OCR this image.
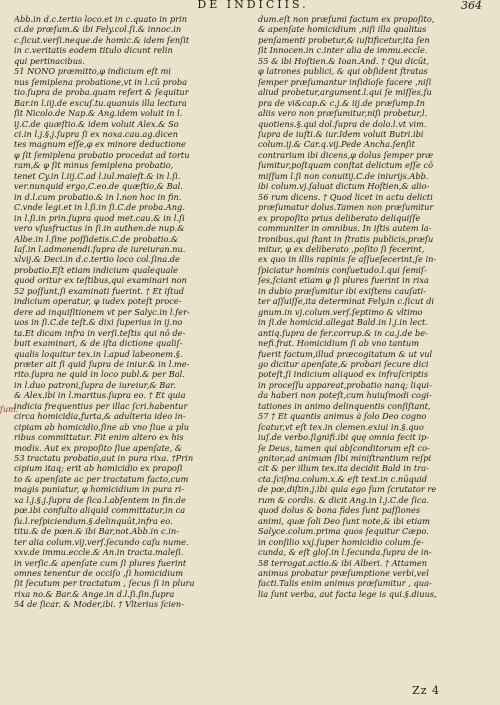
DE INDICIIS.	364
ſum.
Abb.in d.c.tertio loco.et in c.quato in prin
ci.de præſum.& ibi Fely.col.ſi.& innoc.in
c.ſicut.verſi.neque.de homic.& idem ſenſit
in c.veritatis eodem titulo dicunt relin
qui pertinacibus.
51 NONO præmitto,φ indicium eſt mi
nus ſemiplena probatione,vt in l.cū proba
tio.ſupra de proba.quam refert & ſequitur
Bar.in l.iij.de excuſ.tu.quanuis illa lectura
ſit Nicolo.de Nap.& Ang.idem voluit in l.
ij.C.de quæſtio.& idem voluit Alex.& So
ci.in l.j.§.j.ſupra ſi ex noxa.cau.ag.dicen
tes magnum eſſe,φ ex minore deductione
φ ſit ſemiplena probatio procedat ad tortu
ram,& φ ſit minus ſemiplena probatio,
tenet Cy.in l.iij.C.ad l.iul.maieſt.& in l.ſi.
ver.nunquid ergo,C.eo.de quæſtio,& Bal.
in d.l.cum probatio.& in l.non hoc in fin.
C.vnde legi.et in l.ſi.in ſi.C.de proba.Ang.
in l.ſi.in prin.ſupra quod met.cau.& in l.ſi
vero vſusfructus in ſi.in authen.de nup.&
Albe.in l.ſine poſſidetis.C.de probatio.&
Iaſ.in l.admonendi.ſupra de iureiuran.nu.
xlvij.& Deci.in d.c.tertio loco col.ſina.de
probatio.Eſt etiam indicium qualequale
quod oritur ex teſtibus,qui examinari non
52 poſſunt,ſi examinati fuerint. † Et iſtud
indicium operatur, φ iudex poteſt proce-
dere ad inquiſitionem vt per Salyc.in l.fer-
uos in ſi.C.de teſt.& dixi ſuperius in ij.no
ta.Et dicam infra in verſi.teſtis qui nō de-
buit examinari, & de iſta dictione qualiſ-
qualis loquitur tex.in l.apud labeonem.§.
præter ait ſi quid ſupra de iniur.& in l.me-
rito.ſupra ne quid in loco publ.& per Bal.
in l.duo patroni,ſupra de iureiur,& Bar.
& Alex.ibi in l.maritus.ſupra eo. † Et quia
indicia frequentius per illac ſcri.habentur
circa homicidia,furta,& adulteria ideo in-
cipiam ab homicidio,ſine ab vno ſiue a plu
ribus committatur. Fit enim altero ex his
modis. Aut ex propoſito ſiue apenſate, &
53 tractatu probatio,aut in pura rixa. †Prin
cipium itaq; erit ab homicidio ex propoſi
to & apenſate ac per tractatum facto,cum
magis puniatur, φ homicidium in pura ri-
xa l.j.§.j.ſupra de ſica.l.abſentem in fin.de
pœ.ibi confulto aliquid committatur,in ca
ſu.l.reſpiciendum.§.delinquūt,infra eo.
titu.& de pœn.& ibi Bar,not.Abb.in c.in-
ter alia colum.vij.verſ.ſecundo caſu nume.
xxv.de immu.eccle.& An.in tracta.maleſi.
in verſic.& apenſate cum ſi plures fuerint
omnes tenentur de occiſo ,ſi homicidium
ſit ſecutum per tractatum , ſecus ſi in plura
rixa no.& Bar.& Ange.in d.l.ſi.ſin.ſupra
54 de ſicar. & Moder,ibi. † Vlterius ſcien-
dum.eſt non præſumi factum ex propoſito,
& apenſate homicidium ,niſi illa qualitas
penſamenti probetur,& iuſtificetur,ita ſen
ſit Innocen.in c.inter alia de immu.eccle.
55 & ibi Hoſtien.& Ioan.And. † Qui dicūt,
φ latrones publici, & qui obſident ſtratas
ſemper præſumantur inſidioſe facere ,niſi
aliud probetur,argument.l.qui ſe miſſes,ſu
pra de vi&cap.& c.j.& iij.de præſump.In
aliis vero non præſumitur,niſi probetur,l.
quotiens.§.qui dol.ſupra de dolo.l.vt vim.
ſupra de iuſti.& iur.Idem voluit Butri.ibi
colum.ij.& Car.q.vij.Pede Ancha.ſenſit
contrarium ibi dicens,φ dolus ſemper præ
ſumitur,poſtquam conſtat delictum eſſe cō
miſſum l.ſi non conuitij.C.de iniurijs.Abb.
ibi colum.vj.ſaluat dictum Hoſtien,& alio-
56 rum dicens. † Quod licet in actu delicti
præſumatur dolus.Tamen non præſumitur
ex propoſito prius deliberato deliquiſſe
communiter in omnibus. In iſtis autem la-
tronibus,qui ſtant in ſtratis publicis,præſu
mitur, φ ex deliberato ,poſito ſi fecerint,
ex quo in illis rapinis ſe aſſueſecerint,ſe in-
ſpiciatur hominis conſuetudo.l.qui ſemiſ-
ſes,ſciant etiam φ ſi plures fuerint in rixa
in dubio præſumitur ibi exiſtens cauſati-
ter aſſuiſſe,ita determinat Fely.in c.ſicut di
gnum.in vj.colum.verſ.ſeptimo & vltimo
in ſi.de homicid.allegat Bald.in l.j.in lect.
antiq.ſupra de fer.corrup.& in ca.j.de be-
nefi.frat. Homicidium ſi ab vno tantum
fuerit factum,illud præcogitatum & ut vul
go dicitur apenſate,& probari ſecure dici
poteſt,ſi indicium aliquod ex infraſcriptis
in proceſſu appareat,probatio nanq; liqui-
da haberi non poteſt,cum huiuſmodi cogi-
tationes in animo delinquentis conſiſtant,
57 † Et quantis animus à ſolo Deo cogno
ſcatur,vt eſt tex.in clemen.exiui in.§.quo
iuſ.de verbo.ſignifi.ibi quę omnia fecit ip-
ſe Deus, tamen qui abſconditorum eſt co-
gnitor,ad animum ſibi miniſtrantium reſpi
cit & per illum tex.ita decidit Bald in tra-
cta.ſciſma.colum.x.& eſt text.in c.nūquid
de pœ,diſtin.j.ibi quia ego ſum ſcrutator re
rum & cordis. & dicit Ang.in l.j.C.de ſica.
quod dolus & bona fides ſunt paſſiones
animi, quæ ſoli Deo ſunt note,& ibi etiam
Salyce.colum.prima quos ſequitur Cæpo.
in conſilio xxj.ſuper homicidio colum.ſe-
cunda, & eſt gloſ.in l.ſecunda.ſupra de in-
58 terrogat.actio.& ibi Alberi. † Attamen
animus probatur præſumptione verbi,vel
facti.Talis enim animus præſumitur , qua-
lia ſunt verba, aut facta lege is qui.§.diuus,
Zz 4
